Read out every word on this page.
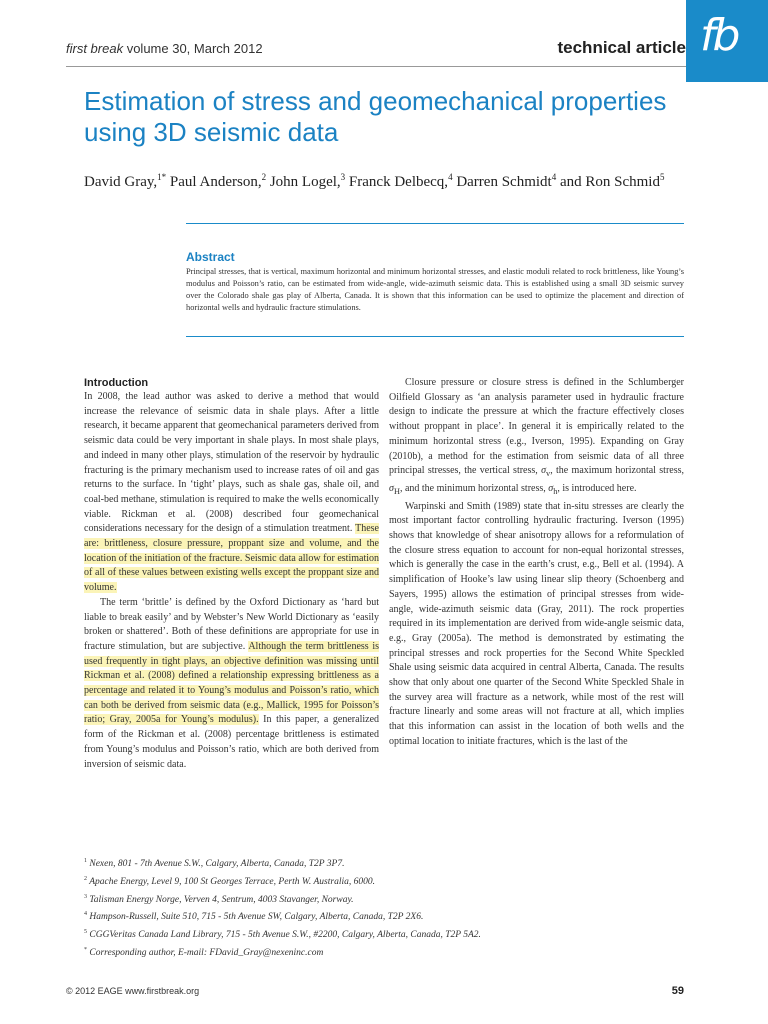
first break volume 30, March 2012	technical article fb
Estimation of stress and geomechanical properties using 3D seismic data
David Gray,$^{1*}$ Paul Anderson,$^2$ John Logel,$^3$ Franck Delbecq,$^4$ Darren Schmidt$^4$ and Ron Schmid$^5$
Abstract
Principal stresses, that is vertical, maximum horizontal and minimum horizontal stresses, and elastic moduli related to rock brittleness, like Young’s modulus and Poisson’s ratio, can be estimated from wide-angle, wide-azimuth seismic data. This is established using a small 3D seismic survey over the Colorado shale gas play of Alberta, Canada. It is shown that this information can be used to optimize the placement and direction of horizontal wells and hydraulic fracture stimulations.
Introduction

In 2008, the lead author was asked to derive a method that would increase the relevance of seismic data in shale plays. After a little research, it became apparent that geomechanical parameters derived from seismic data could be very important in shale plays. In most shale plays, and indeed in many other plays, stimulation of the reservoir by hydraulic fracturing is the primary mechanism used to increase rates of oil and gas returns to the surface. In ‘tight’ plays, such as shale gas, shale oil, and coal-bed methane, stimulation is required to make the wells economically viable. Rickman et al. (2008) described four geomechanical considerations necessary for the design of a stimulation treatment. These are: brittleness, closure pressure, proppant size and volume, and the location of the initiation of the fracture. Seismic data allow for estimation of all of these values between existing wells except the proppant size and volume.

The term ‘brittle’ is defined by the Oxford Dictionary as ‘hard but liable to break easily’ and by Webster’s New World Dictionary as ‘easily broken or shattered’. Both of these definitions are appropriate for use in fracture stimulation, but are subjective. Although the term brittleness is used frequently in tight plays, an objective definition was missing until Rickman et al. (2008) defined a relationship expressing brittleness as a percentage and related it to Young’s modulus and Poisson’s ratio, which can both be derived from seismic data (e.g., Mallick, 1995 for Poisson’s ratio; Gray, 2005a for Young’s modulus). In this paper, a generalized form of the Rickman et al. (2008) percentage brittleness is estimated from Young’s modulus and Poisson’s ratio, which are both derived from inversion of seismic data.

Closure pressure or closure stress is defined in the Schlumberger Oilfield Glossary as ‘an analysis parameter used in hydraulic fracture design to indicate the pressure at which the fracture effectively closes without proppant in place’. In general it is empirically related to the minimum horizontal stress (e.g., Iverson, 1995). Expanding on Gray (2010b), a method for the estimation from seismic data of all three principal stresses, the vertical stress, $\sigma_v$, the maximum horizontal stress, $\sigma_H$, and the minimum horizontal stress, $\sigma_h$, is introduced here.

Warpinski and Smith (1989) state that in-situ stresses are clearly the most important factor controlling hydraulic fracturing. Iverson (1995) shows that knowledge of shear anisotropy allows for a reformulation of the closure stress equation to account for non-equal horizontal stresses, which is generally the case in the earth’s crust, e.g., Bell et al. (1994). A simplification of Hooke’s law using linear slip theory (Schoenberg and Sayers, 1995) allows the estimation of principal stresses from wide-angle, wide-azimuth seismic data (Gray, 2011). The rock properties required in its implementation are derived from wide-angle seismic data, e.g., Gray (2005a). The method is demonstrated by estimating the principal stresses and rock properties for the Second White Speckled Shale using seismic data acquired in central Alberta, Canada. The results show that only about one quarter of the Second White Speckled Shale in the survey area will fracture as a network, while most of the rest will fracture linearly and some areas will not fracture at all, which implies that this information can assist in the location of both wells and the optimal location to initiate fractures, which is the last of the

$^1$ Nexen, 801 - 7th Avenue S.W., Calgary, Alberta, Canada, T2P 3P7.
$^2$ Apache Energy, Level 9, 100 St Georges Terrace, Perth W. Australia, 6000.
$^3$ Talisman Energy Norge, Verven 4, Sentrum, 4003 Stavanger, Norway.
$^4$ Hampson-Russell, Suite 510, 715 - 5th Avenue SW, Calgary, Alberta, Canada, T2P 2X6.
$^5$ CGGVeritas Canada Land Library, 715 - 5th Avenue S.W., #2200, Calgary, Alberta, Canada, T2P 5A2.
* Corresponding author, E-mail: FDavid_Gray@nexeninc.com
© 2012 EAGE www.firstbreak.org	59
